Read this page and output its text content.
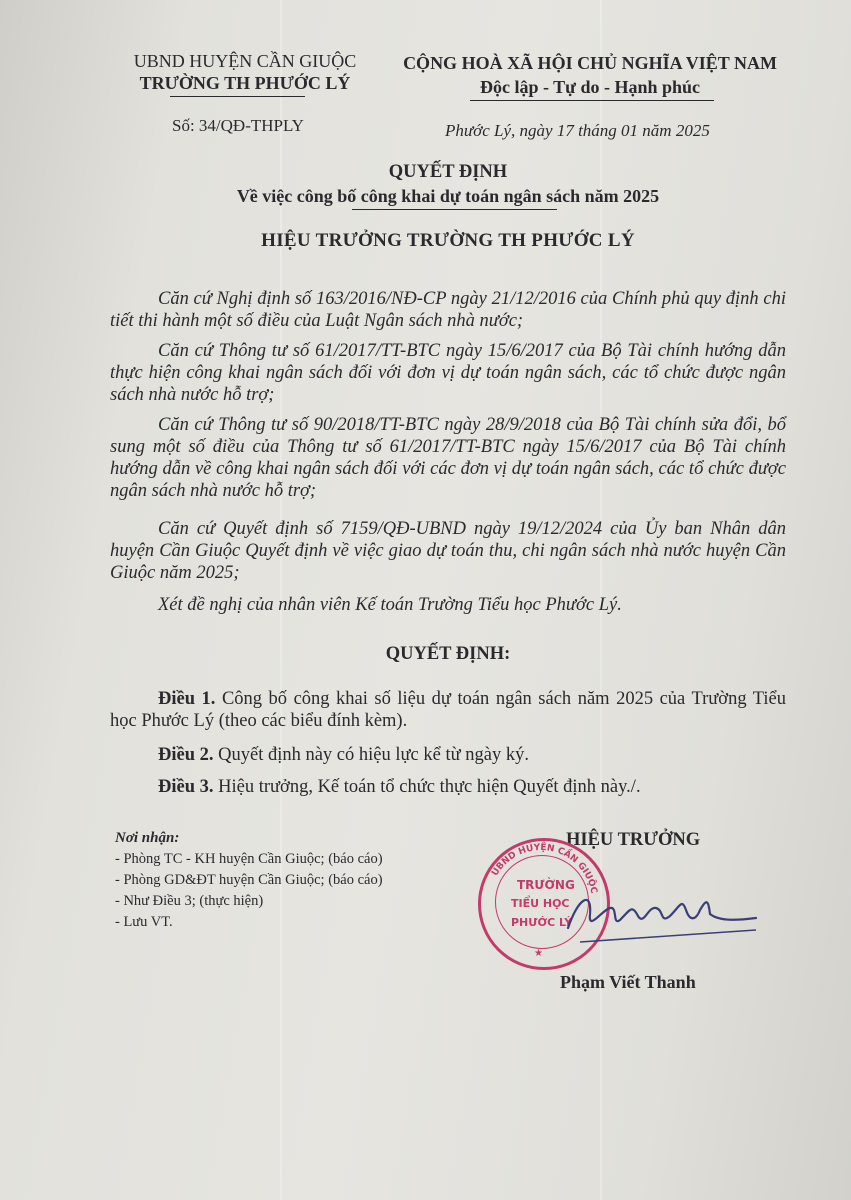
UBND HUYỆN CẦN GIUỘC
TRƯỜNG TH PHƯỚC LÝ
CỘNG HOÀ XÃ HỘI CHỦ NGHĨA VIỆT NAM
Độc lập - Tự do - Hạnh phúc
Số: 34/QĐ-THPLY	Phước Lý, ngày 17 tháng 01 năm 2025
QUYẾT ĐỊNH
Về việc công bố công khai dự toán ngân sách năm 2025
HIỆU TRƯỞNG TRƯỜNG TH PHƯỚC LÝ
Căn cứ Nghị định số 163/2016/NĐ-CP ngày 21/12/2016 của Chính phủ quy định chi tiết thi hành một số điều của Luật Ngân sách nhà nước;
Căn cứ Thông tư số 61/2017/TT-BTC ngày 15/6/2017 của Bộ Tài chính hướng dẫn thực hiện công khai ngân sách đối với đơn vị dự toán ngân sách, các tổ chức được ngân sách nhà nước hỗ trợ;
Căn cứ Thông tư số 90/2018/TT-BTC ngày 28/9/2018 của Bộ Tài chính sửa đổi, bổ sung một số điều của Thông tư số 61/2017/TT-BTC ngày 15/6/2017 của Bộ Tài chính hướng dẫn về công khai ngân sách đối với các đơn vị dự toán ngân sách, các tổ chức được ngân sách nhà nước hỗ trợ;
Căn cứ Quyết định số 7159/QĐ-UBND ngày 19/12/2024 của Ủy ban Nhân dân huyện Cần Giuộc Quyết định về việc giao dự toán thu, chi ngân sách nhà nước huyện Cần Giuộc năm 2025;
Xét đề nghị của nhân viên Kế toán Trường Tiểu học Phước Lý.
QUYẾT ĐỊNH:
Điều 1. Công bố công khai số liệu dự toán ngân sách năm 2025 của Trường Tiểu học Phước Lý (theo các biểu đính kèm).
Điều 2. Quyết định này có hiệu lực kể từ ngày ký.
Điều 3. Hiệu trưởng, Kế toán tổ chức thực hiện Quyết định này./.
Nơi nhận:
- Phòng TC - KH huyện Cần Giuộc; (báo cáo)
- Phòng GD&ĐT huyện Cần Giuộc; (báo cáo)
- Như Điều 3; (thực hiện)
- Lưu VT.
HIỆU TRƯỞNG
UBND HUYỆN CẦN GIUỘC
★
TRƯỜNG
TIỂU HỌC
PHƯỚC LÝ
Phạm Viết Thanh
